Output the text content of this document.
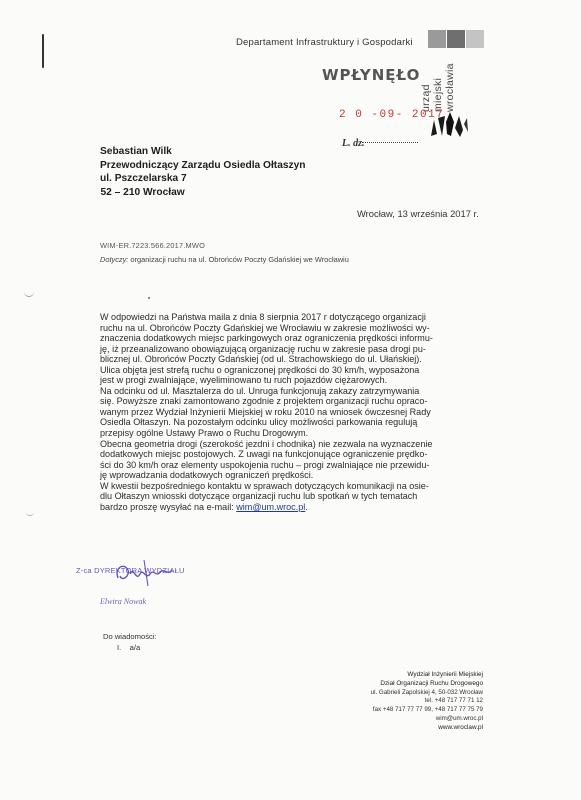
Departament Infrastruktury i Gospodarki
urząd miejski wrocławia
WPŁYNĘŁO
2 0 -09- 2017
L. dz.
Sebastian Wilk
Przewodniczący Zarządu Osiedla Ołtaszyn
ul. Pszczelarska 7
52 – 210 Wrocław
Wrocław, 13 września 2017 r.
WIM-ER.7223.566.2017.MWO
Dotyczy: organizacji ruchu na ul. Obrońców Poczty Gdańskiej we Wrocławiu
W odpowiedzi na Państwa maila z dnia 8 sierpnia 2017 r dotyczącego organizacji
ruchu na ul. Obrońców Poczty Gdańskiej we Wrocławiu w zakresie możliwości wy-
znaczenia dodatkowych miejsc parkingowych oraz ograniczenia prędkości informu-
ję, iż przeanalizowano obowiązującą organizację ruchu w zakresie pasa drogi pu-
blicznej ul. Obrońców Poczty Gdańskiej (od ul. Strachowskiego do ul. Ułańskiej).
Ulica objęta jest strefą ruchu o ograniczonej prędkości do 30 km/h, wyposażona
jest w progi zwalniające, wyeliminowano tu ruch pojazdów ciężarowych.
Na odcinku od ul. Masztalerza do ul. Unruga funkcjonują zakazy zatrzymywania
się. Powyższe znaki zamontowano zgodnie z projektem organizacji ruchu opraco-
wanym przez Wydział Inżynierii Miejskiej w roku 2010 na wniosek ówczesnej Rady
Osiedla Ołtaszyn. Na pozostałym odcinku ulicy możliwości parkowania regulują
przepisy ogólne Ustawy Prawo o Ruchu Drogowym.
Obecna geometria drogi (szerokość jezdni i chodnika) nie zezwala na wyznaczenie
dodatkowych miejsc postojowych. Z uwagi na funkcjonujące ograniczenie prędko-
ści do 30 km/h oraz elementy uspokojenia ruchu – progi zwalniające nie przewidu-
ję wprowadzania dodatkowych ograniczeń prędkości.
W kwestii bezpośredniego kontaktu w sprawach dotyczących komunikacji na osie-
dlu Ołtaszyn wniosski dotyczące organizacji ruchu lub spotkań w tych tematach
bardzo proszę wysyłać na e-mail: wim@um.wroc.pl.
Z-ca DYREKTORA WYDZIAŁU
Elwira Nowak
Do wiadomości:
I.    a/a
Wydział Inżynierii Miejskiej
Dział Organizacji Ruchu Drogowego
ul. Gabrieli Zapolskiej 4, 50-032 Wrocław
tel. +48 717 77 71 12
fax +48 717 77 77 99, +48 717 77 75 79
wim@um.wroc.pl
www.wroclaw.pl
